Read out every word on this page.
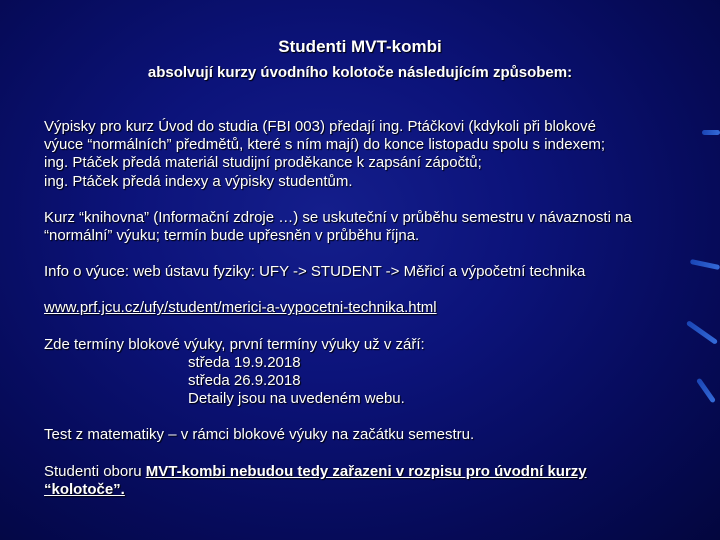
Studenti MVT-kombi
absolvují kurzy úvodního kolotoče následujícím způsobem:
Výpisky pro kurz Úvod do studia (FBI 003) předají ing. Ptáčkovi (kdykoli při blokové
výuce “normálních” předmětů, které s ním mají) do konce listopadu spolu s indexem;
ing. Ptáček předá materiál studijní proděkance k zapsání zápočtů;
ing. Ptáček předá indexy a výpisky studentům.
Kurz “knihovna” (Informační zdroje …) se uskuteční v průběhu semestru v návaznosti na
“normální” výuku; termín bude upřesněn v průběhu října.
Info o výuce: web ústavu fyziky: UFY -> STUDENT -> Měřicí a výpočetní technika
www.prf.jcu.cz/ufy/student/merici-a-vypocetni-technika.html
Zde termíny blokové výuky, první termíny výuky už v září:
středa 19.9.2018
středa 26.9.2018
Detaily jsou na uvedeném webu.
Test z matematiky – v rámci blokové výuky na začátku semestru.
Studenti oboru MVT-kombi nebudou tedy zařazeni v rozpisu pro úvodní kurzy
“kolotoče”.
